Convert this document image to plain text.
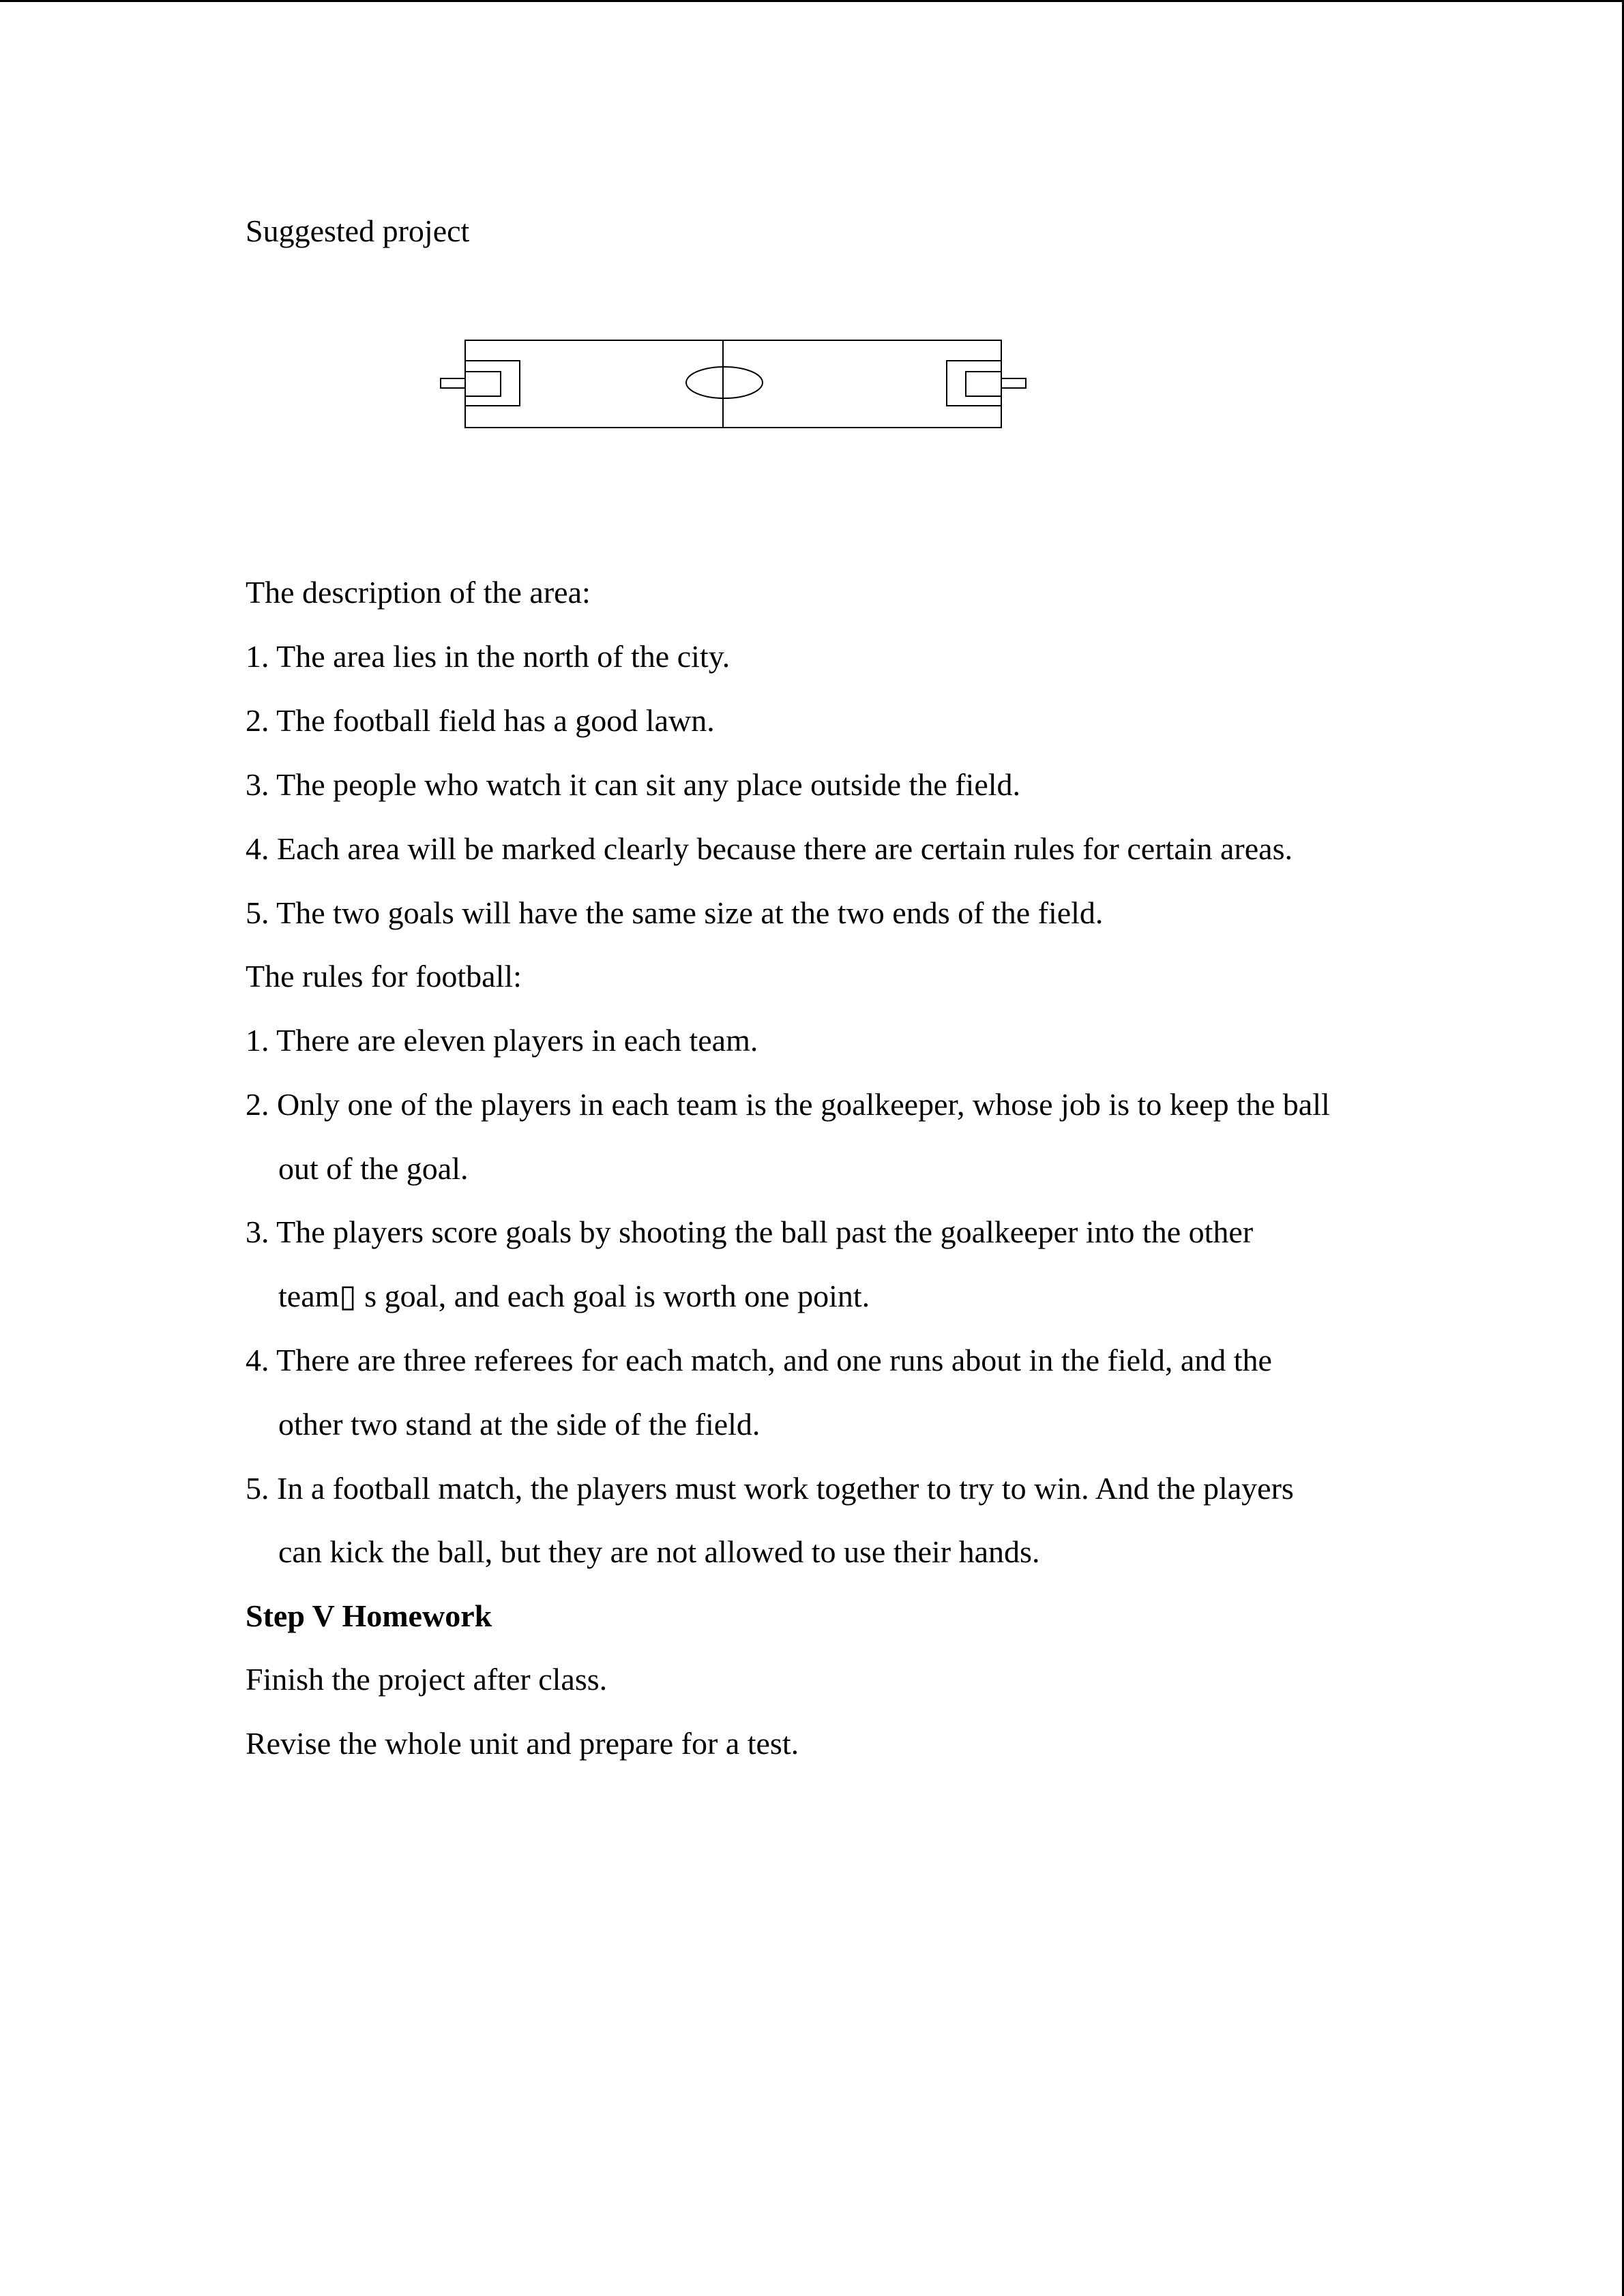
Suggested project
The description of the area:
1. The area lies in the north of the city.
2. The football field has a good lawn.
3. The people who watch it can sit any place outside the field.
4. Each area will be marked clearly because there are certain rules for certain areas.
5. The two goals will have the same size at the two ends of the field.
The rules for football:
1. There are eleven players in each team.
2. Only one of the players in each team is the goalkeeper, whose job is to keep the ball
out of the goal.
3. The players score goals by shooting the ball past the goalkeeper into the other
team▯ s goal, and each goal is worth one point.
4. There are three referees for each match, and one runs about in the field, and the
other two stand at the side of the field.
5. In a football match, the players must work together to try to win. And the players
can kick the ball, but they are not allowed to use their hands.
Step V Homework
Finish the project after class.
Revise the whole unit and prepare for a test.
